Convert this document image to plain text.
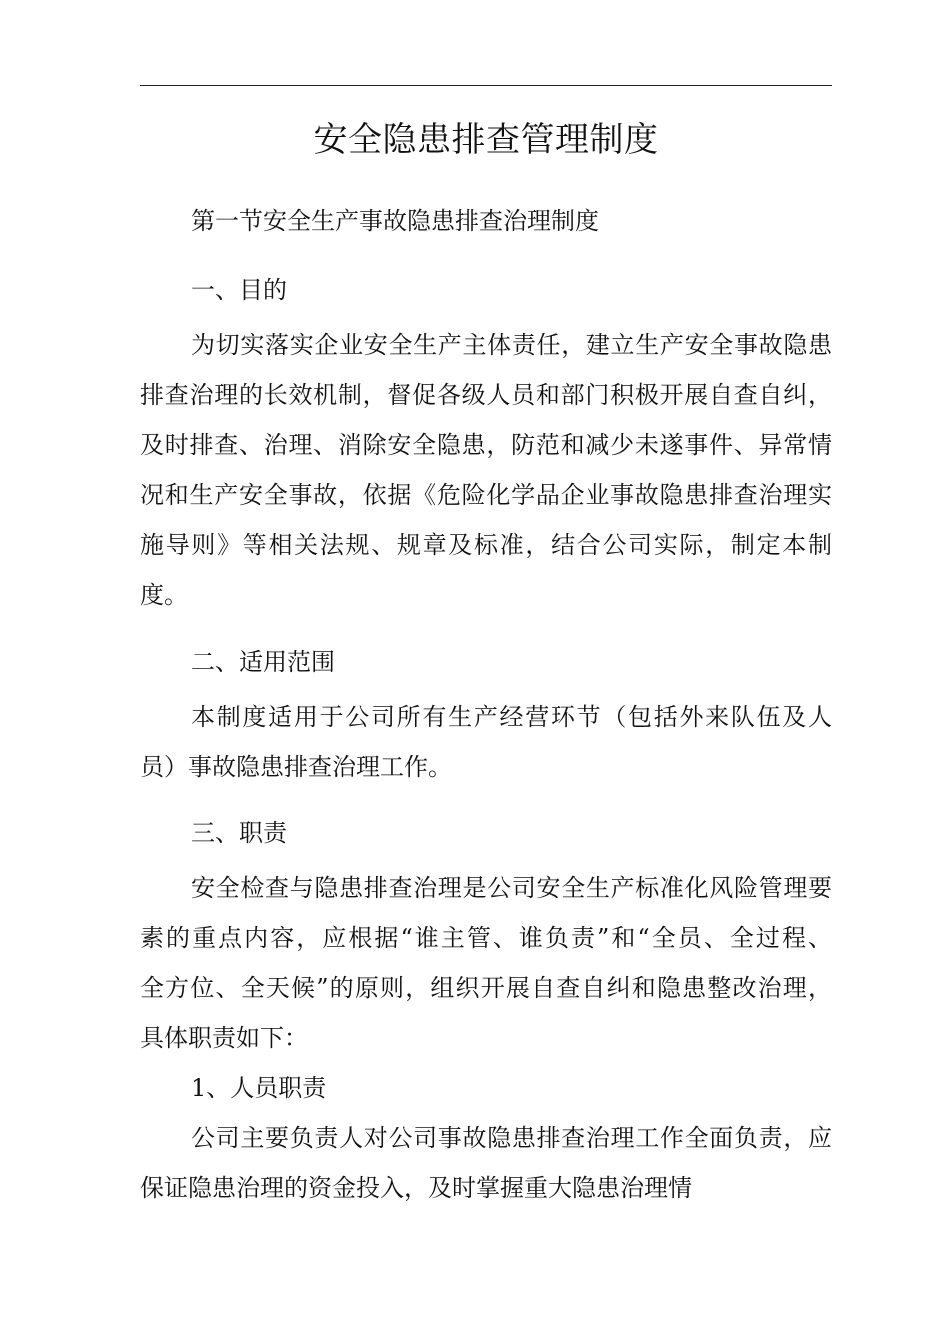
安全隐患排查管理制度
第一节安全生产事故隐患排查治理制度
一、目的
为切实落实企业安全生产主体责任，建立生产安全事故隐患
排查治理的长效机制，督促各级人员和部门积极开展自查自纠，
及时排查、治理、消除安全隐患，防范和减少未遂事件、异常情
况和生产安全事故，依据《危险化学品企业事故隐患排查治理实
施导则》等相关法规、规章及标准，结合公司实际，制定本制
度。
二、适用范围
本制度适用于公司所有生产经营环节（包括外来队伍及人
员）事故隐患排查治理工作。
三、职责
安全检查与隐患排查治理是公司安全生产标准化风险管理要
素的重点内容，应根据“谁主管、谁负责”和“全员、全过程、
全方位、全天候”的原则，组织开展自查自纠和隐患整改治理，
具体职责如下：
1、人员职责
公司主要负责人对公司事故隐患排查治理工作全面负责，应
保证隐患治理的资金投入，及时掌握重大隐患治理情
